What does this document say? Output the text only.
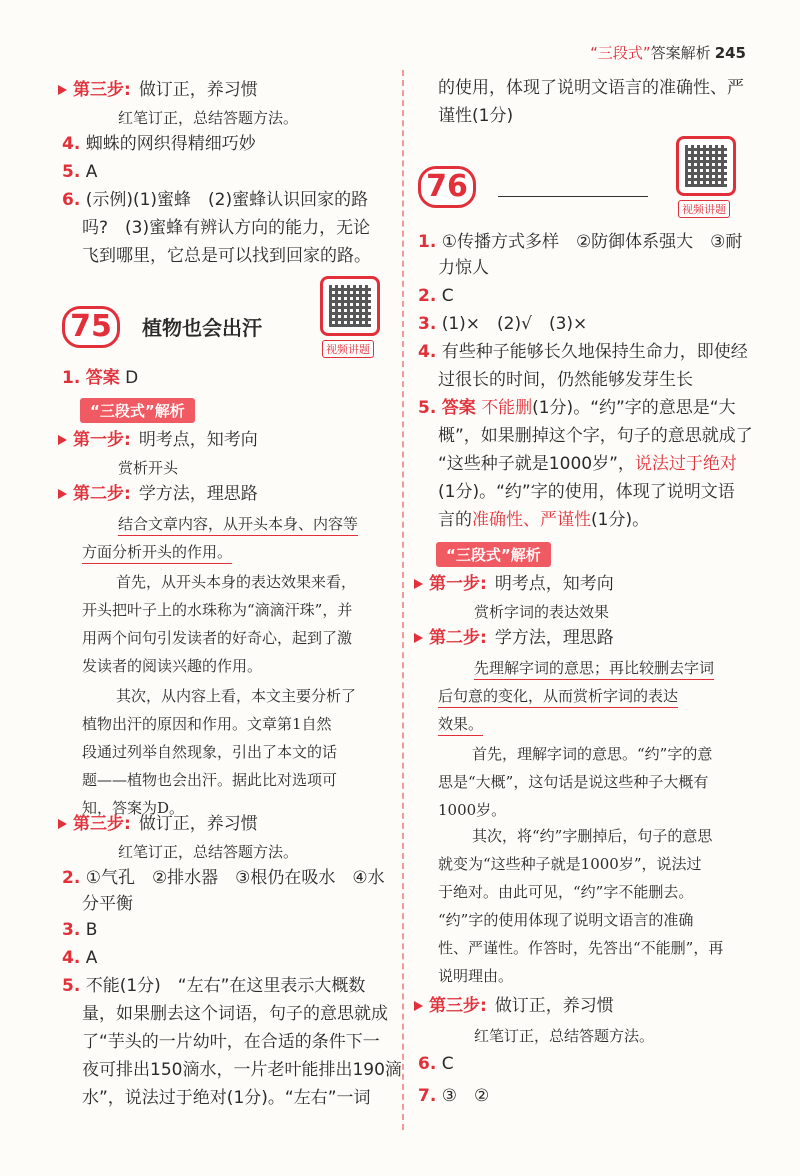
“三段式”答案解析 245
第三步: 做订正，养习惯
红笔订正，总结答题方法。
4. 蜘蛛的网织得精细巧妙
5. A
6. (示例)(1)蜜蜂　(2)蜜蜂认识回家的路
吗?　(3)蜜蜂有辨认方向的能力，无论
飞到哪里，它总是可以找到回家的路。
75	植物也会出汗
视频讲题
1. 答案 D
“三段式”解析
第一步: 明考点，知考向
赏析开头
第二步: 学方法，理思路
结合文章内容，从开头本身、内容等
方面分析开头的作用。
首先，从开头本身的表达效果来看，
开头把叶子上的水珠称为“滴滴汗珠”，并
用两个问句引发读者的好奇心，起到了激
发读者的阅读兴趣的作用。
其次，从内容上看，本文主要分析了
植物出汗的原因和作用。文章第1自然
段通过列举自然现象，引出了本文的话
题——植物也会出汗。据此比对选项可
知，答案为D。
第三步: 做订正，养习惯
红笔订正，总结答题方法。
2. ①气孔　②排水器　③根仍在吸水　④水
分平衡
3. B
4. A
5. 不能(1分)　“左右”在这里表示大概数
量，如果删去这个词语，句子的意思就成
了“芋头的一片幼叶，在合适的条件下一
夜可排出150滴水，一片老叶能排出190滴
水”，说法过于绝对(1分)。“左右”一词
的使用，体现了说明文语言的准确性、严
谨性(1分)
76
视频讲题
1. ①传播方式多样　②防御体系强大　③耐
力惊人
2. C
3. (1)×　(2)√　(3)×
4. 有些种子能够长久地保持生命力，即使经
过很长的时间，仍然能够发芽生长
5. 答案 不能删(1分)。“约”字的意思是“大
概”，如果删掉这个字，句子的意思就成了
“这些种子就是1000岁”，说法过于绝对
(1分)。“约”字的使用，体现了说明文语
言的准确性、严谨性(1分)。
“三段式”解析
第一步: 明考点，知考向
赏析字词的表达效果
第二步: 学方法，理思路
先理解字词的意思；再比较删去字词
后句意的变化，从而赏析字词的表达
效果。
首先，理解字词的意思。“约”字的意
思是“大概”，这句话是说这些种子大概有
1000岁。
其次，将“约”字删掉后，句子的意思
就变为“这些种子就是1000岁”，说法过
于绝对。由此可见，“约”字不能删去。
“约”字的使用体现了说明文语言的准确
性、严谨性。作答时，先答出“不能删”，再
说明理由。
第三步: 做订正，养习惯
红笔订正，总结答题方法。
6. C
7. ③　②
